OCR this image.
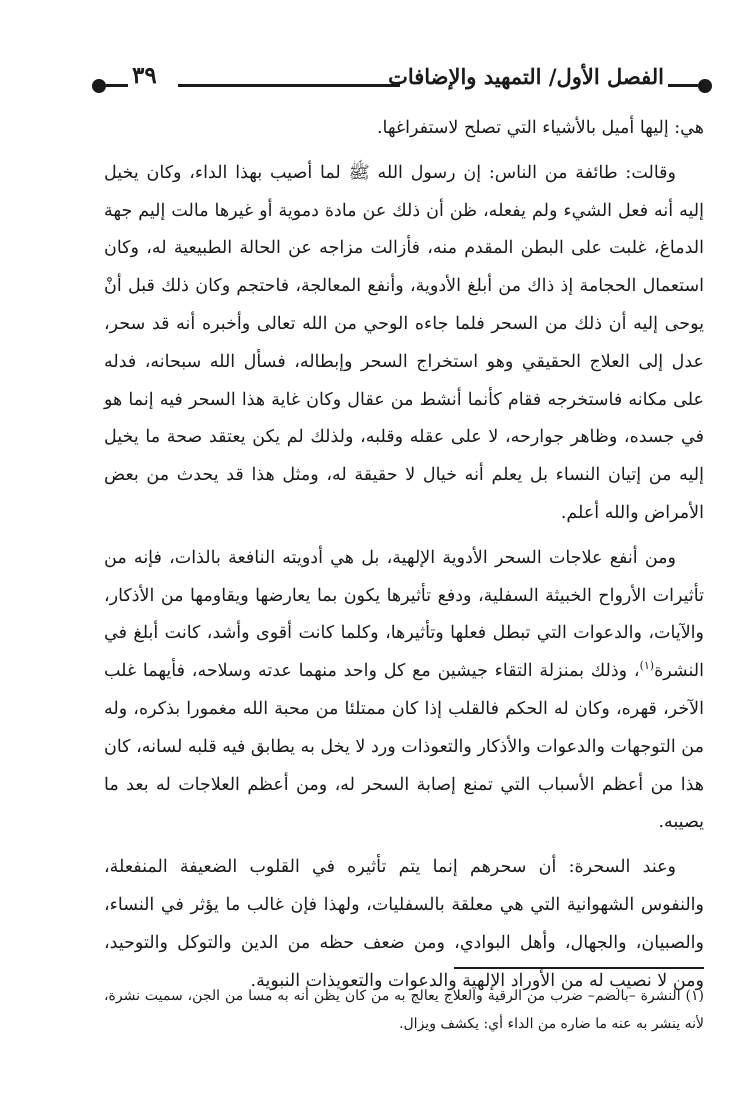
٣٩	الفصل الأول/ التمهيد والإضافات

هي: إليها أميل بالأشياء التي تصلح لاستفراغها.

وقالت: طائفة من الناس: إن رسول الله ﷺ لما أصيب بهذا الداء، وكان يخيل إليه أنه فعل الشيء ولم يفعله، ظن أن ذلك عن مادة دموية أو غيرها مالت إليم جهة الدماغ، غلبت على البطن المقدم منه، فأزالت مزاجه عن الحالة الطبيعية له، وكان استعمال الحجامة إذ ذاك من أبلغ الأدوية، وأنفع المعالجة، فاحتجم وكان ذلك قبل أنْ يوحى إليه أن ذلك من السحر فلما جاءه الوحي من الله تعالى وأخبره أنه قد سحر، عدل إلى العلاج الحقيقي وهو استخراج السحر وإبطاله، فسأل الله سبحانه، فدله على مكانه فاستخرجه فقام كأنما أنشط من عقال وكان غاية هذا السحر فيه إنما هو في جسده، وظاهر جوارحه، لا على عقله وقلبه، ولذلك لم يكن يعتقد صحة ما يخيل إليه من إتيان النساء بل يعلم أنه خيال لا حقيقة له، ومثل هذا قد يحدث من بعض الأمراض والله أعلم.

ومن أنفع علاجات السحر الأدوية الإلهية، بل هي أدويته النافعة بالذات، فإنه من تأثيرات الأرواح الخبيثة السفلية، ودفع تأثيرها يكون بما يعارضها ويقاومها من الأذكار، والآيات، والدعوات التي تبطل فعلها وتأثيرها، وكلما كانت أقوى وأشد، كانت أبلغ في النشرة$^{(١)}$، وذلك بمنزلة التقاء جيشين مع كل واحد منهما عدته وسلاحه، فأيهما غلب الآخر، قهره، وكان له الحكم فالقلب إذا كان ممتلئا من محبة الله مغمورا بذكره، وله من التوجهات والدعوات والأذكار والتعوذات ورد لا يخل به يطابق فيه قلبه لسانه، كان هذا من أعظم الأسباب التي تمنع إصابة السحر له، ومن أعظم العلاجات له بعد ما يصيبه.

وعند السحرة: أن سحرهم إنما يتم تأثيره في القلوب الضعيفة المنفعلة، والنفوس الشهوانية التي هي معلقة بالسفليات، ولهذا فإن غالب ما يؤثر في النساء، والصبيان، والجهال، وأهل البوادي، ومن ضعف حظه من الدين والتوكل والتوحيد، ومن لا نصيب له من الأوراد الإلهية والدعوات والتعويذات النبوية.

(١) النشرة –بالضم– ضرب من الرقية والعلاج يعالج به من كان يظن أنه به مسا من الجن، سميت نشرة، لأنه ينشر به عنه ما ضاره من الداء أي: يكشف ويزال.
